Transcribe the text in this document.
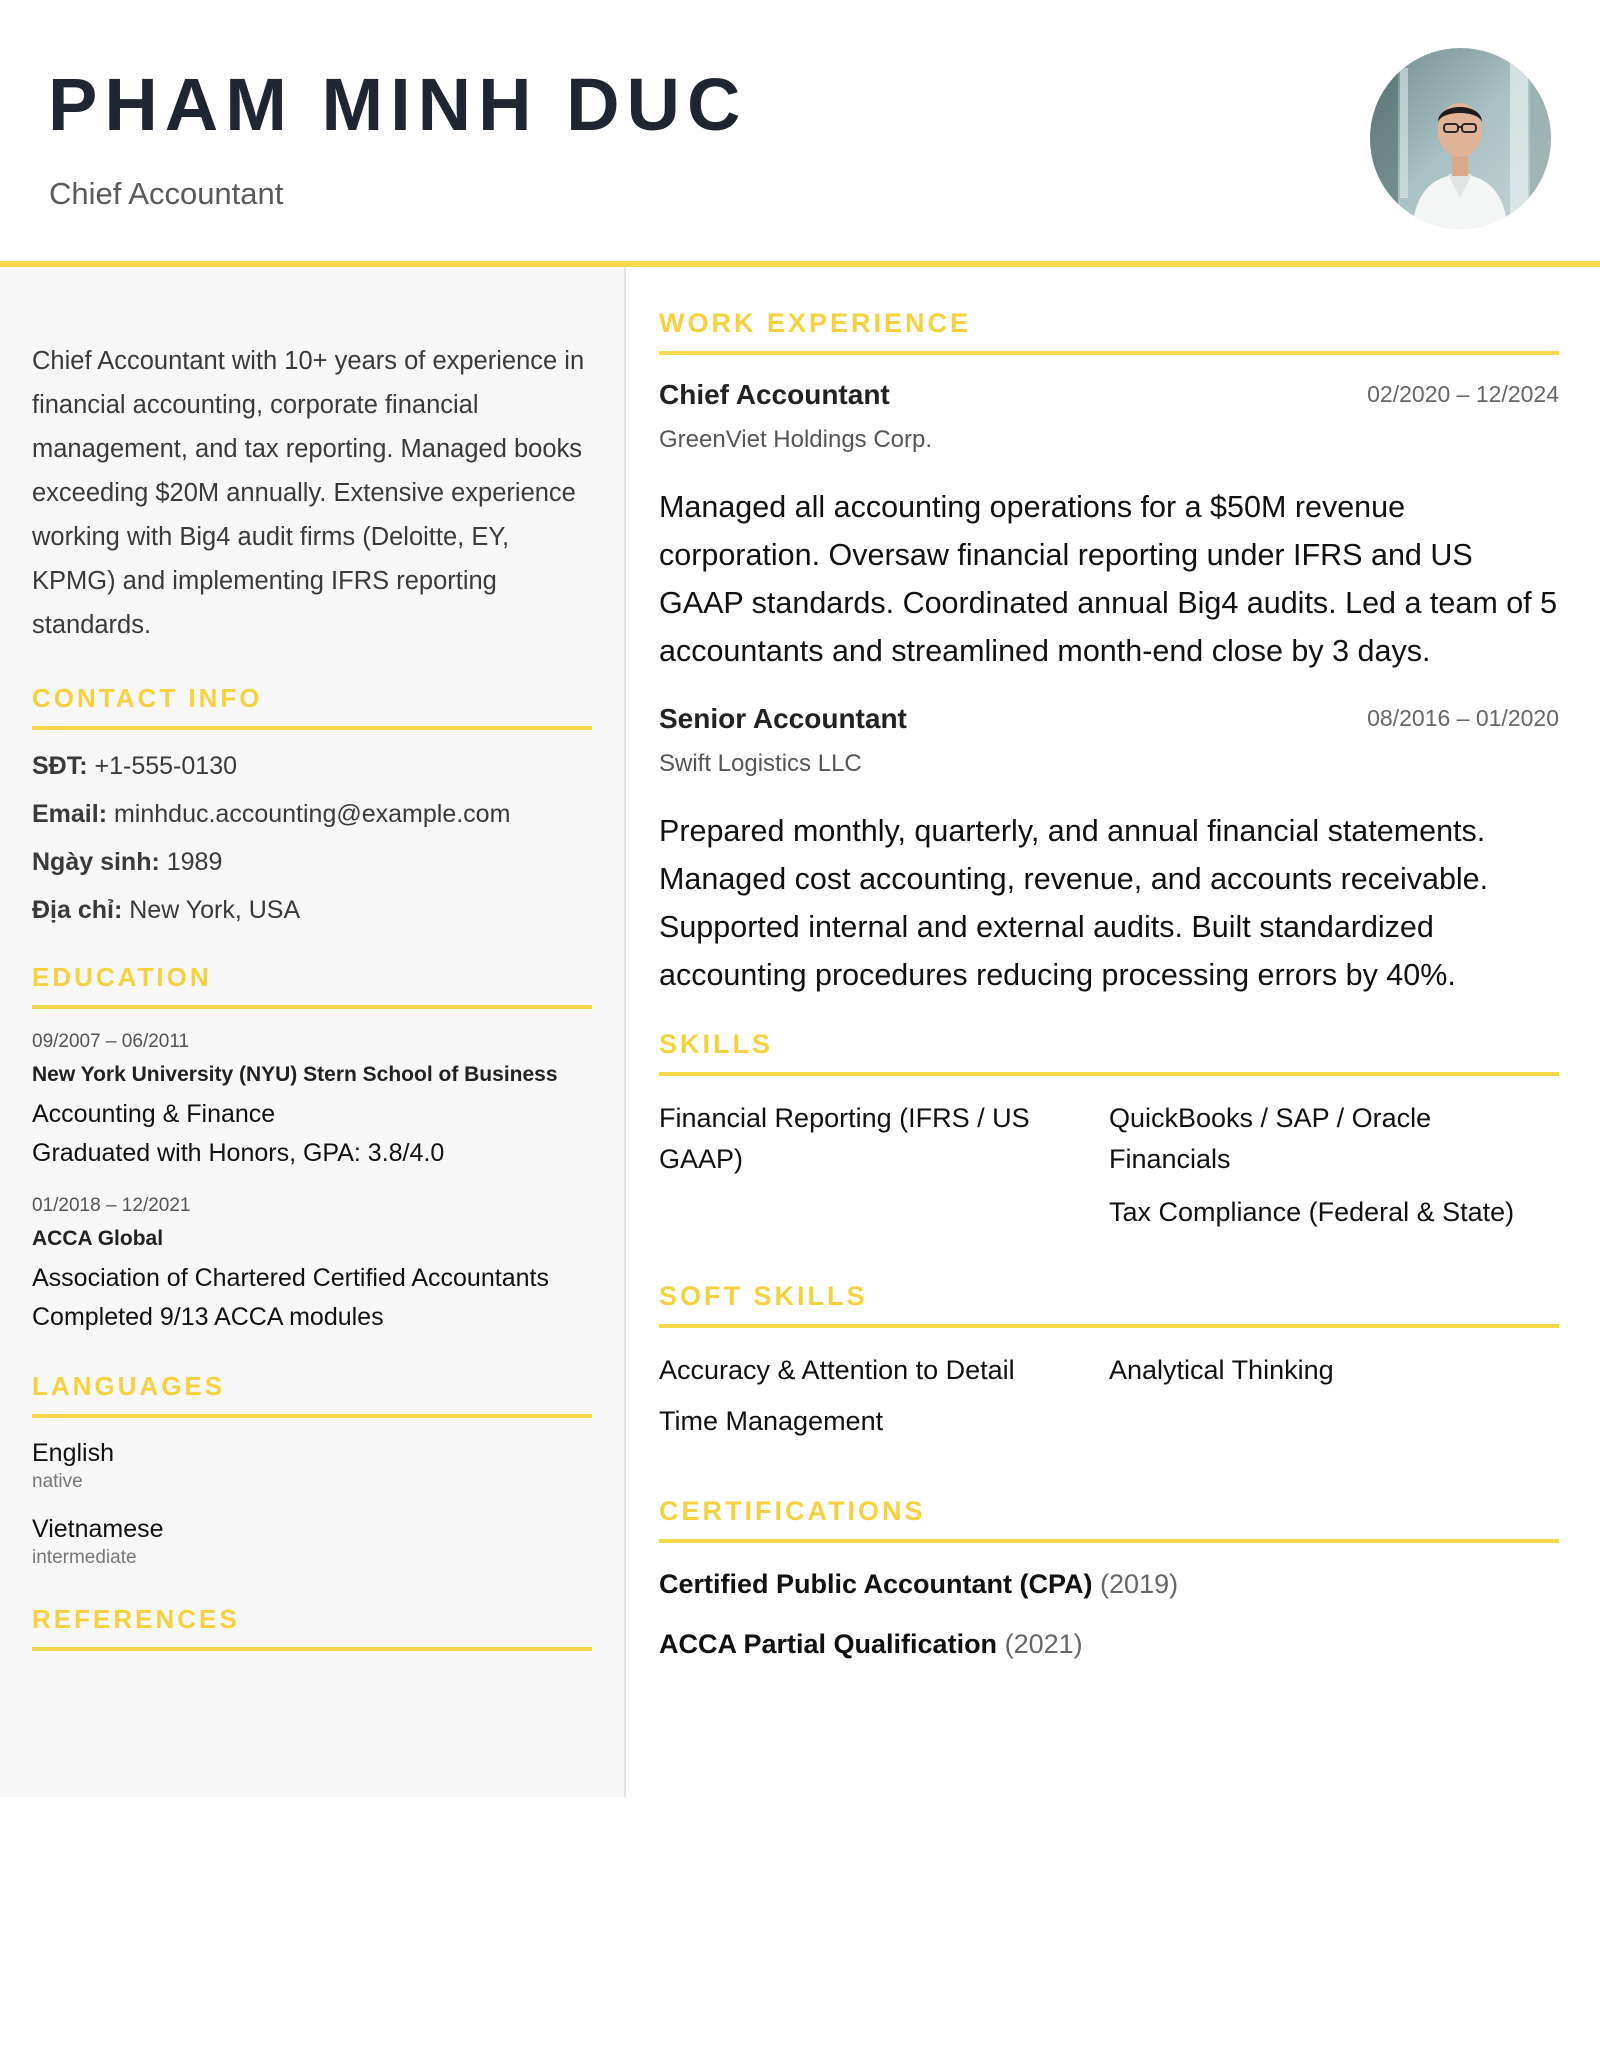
PHAM MINH DUC
Chief Accountant

Chief Accountant with 10+ years of experience in financial accounting, corporate financial management, and tax reporting. Managed books exceeding $20M annually. Extensive experience working with Big4 audit firms (Deloitte, EY, KPMG) and implementing IFRS reporting standards.

CONTACT INFO
SĐT: +1-555-0130
Email: minhduc.accounting@example.com
Ngày sinh: 1989
Địa chỉ: New York, USA
EDUCATION
09/2007 – 06/2011
New York University (NYU) Stern School of Business
Accounting & Finance
Graduated with Honors, GPA: 3.8/4.0
01/2018 – 12/2021
ACCA Global
Association of Chartered Certified Accountants
Completed 9/13 ACCA modules
LANGUAGES
English
native
Vietnamese
intermediate
REFERENCES
WORK EXPERIENCE
Chief Accountant	02/2020 – 12/2024
GreenViet Holdings Corp.

Managed all accounting operations for a $50M revenue corporation. Oversaw financial reporting under IFRS and US GAAP standards. Coordinated annual Big4 audits. Led a team of 5 accountants and streamlined month-end close by 3 days.

Senior Accountant	08/2016 – 01/2020
Swift Logistics LLC

Prepared monthly, quarterly, and annual financial statements. Managed cost accounting, revenue, and accounts receivable. Supported internal and external audits. Built standardized accounting procedures reducing processing errors by 40%.

SKILLS
Financial Reporting (IFRS / US GAAP)
QuickBooks / SAP / Oracle Financials
Tax Compliance (Federal & State)
SOFT SKILLS
Accuracy & Attention to Detail
Time Management
Analytical Thinking
CERTIFICATIONS
Certified Public Accountant (CPA) (2019)
ACCA Partial Qualification (2021)
